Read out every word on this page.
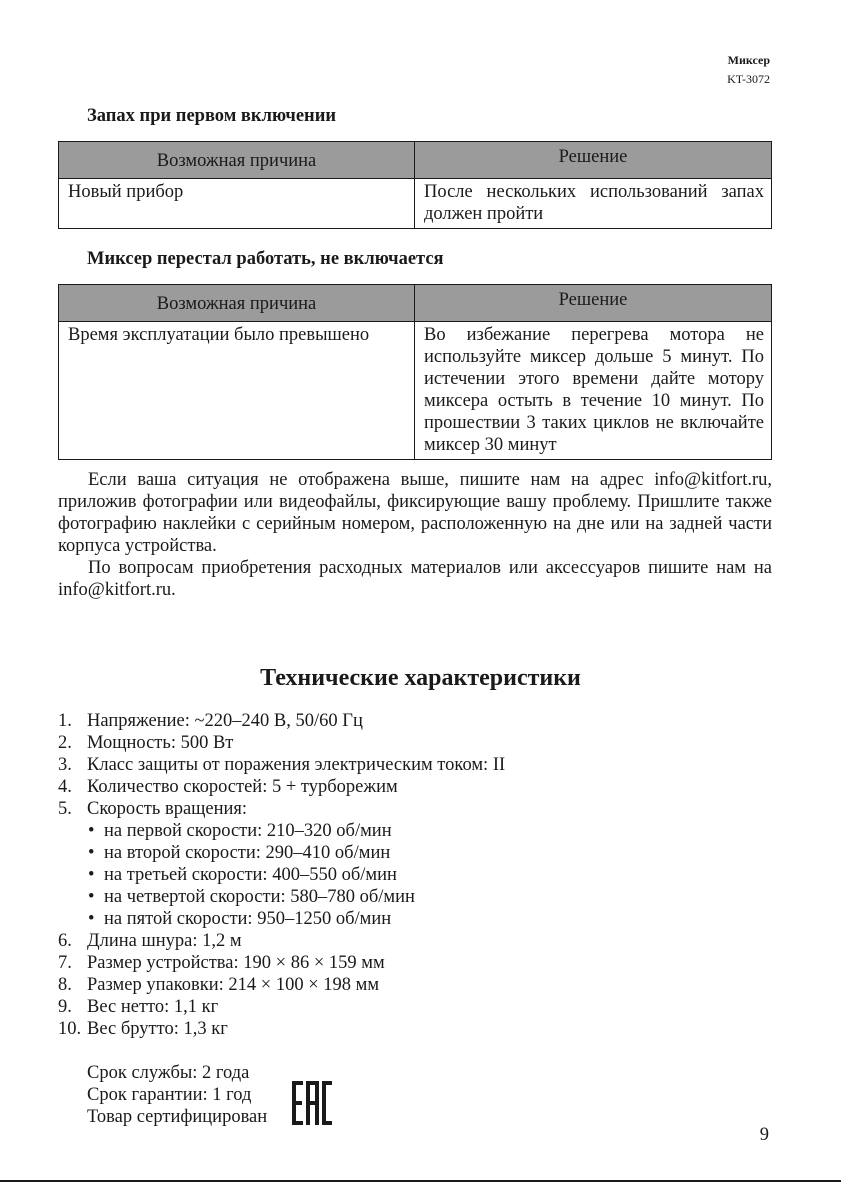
Миксер
KT-3072
Запах при первом включении
Возможная причина	Решение
Новый прибор	После нескольких использований запах должен пройти
Миксер перестал работать, не включается
Возможная причина	Решение
Время эксплуатации было превышено	Во избежание перегрева мотора не используйте миксер дольше 5 минут. По истечении этого времени дайте мотору миксера остыть в течение 10 минут. По прошествии 3 таких циклов не включайте миксер 30 минут
Если ваша ситуация не отображена выше, пишите нам на адрес info@kitfort.ru, приложив фотографии или видеофайлы, фиксирующие вашу проблему. Пришлите также фотографию наклейки с серийным номером, расположенную на дне или на задней части корпуса устройства.
По вопросам приобретения расходных материалов или аксессуаров пишите нам на info@kitfort.ru.
Технические характеристики
1. Напряжение: ~220–240 В, 50/60 Гц
2. Мощность: 500 Вт
3. Класс защиты от поражения электрическим током: II
4. Количество скоростей: 5 + турборежим
5. Скорость вращения:
• на первой скорости: 210–320 об/мин
• на второй скорости: 290–410 об/мин
• на третьей скорости: 400–550 об/мин
• на четвертой скорости: 580–780 об/мин
• на пятой скорости: 950–1250 об/мин
6. Длина шнура: 1,2 м
7. Размер устройства: 190 × 86 × 159 мм
8. Размер упаковки: 214 × 100 × 198 мм
9. Вес нетто: 1,1 кг
10. Вес брутто: 1,3 кг
Срок службы: 2 года
Срок гарантии: 1 год
Товар сертифицирован
9
